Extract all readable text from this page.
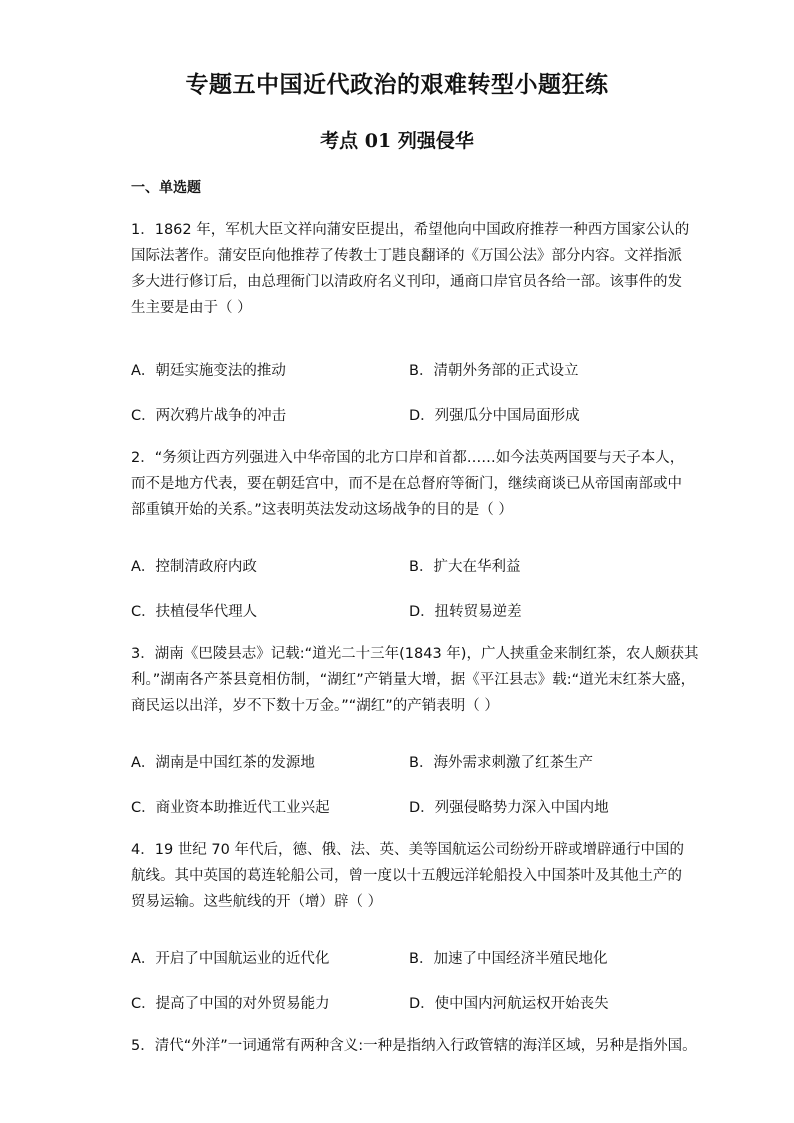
专题五中国近代政治的艰难转型小题狂练
考点 01 列强侵华
一、单选题
1．1862 年，军机大臣文祥向蒲安臣提出，希望他向中国政府推荐一种西方国家公认的
国际法著作。蒲安臣向他推荐了传教士丁韪良翻译的《万国公法》部分内容。文祥指派
多大进行修订后，由总理衙门以清政府名义刊印，通商口岸官员各给一部。该事件的发
生主要是由于（ ）
A．朝廷实施变法的推动	B．清朝外务部的正式设立
C．两次鸦片战争的冲击	D．列强瓜分中国局面形成
2．“务须让西方列强进入中华帝国的北方口岸和首都……如今法英两国要与天子本人，
而不是地方代表，要在朝廷宫中，而不是在总督府等衙门，继续商谈已从帝国南部或中
部重镇开始的关系。”这表明英法发动这场战争的目的是（ ）
A．控制清政府内政	B．扩大在华利益
C．扶植侵华代理人	D．扭转贸易逆差
3．湖南《巴陵县志》记载:“道光二十三年(1843 年)，广人挟重金来制红茶，农人颇获其
利。”湖南各产茶县竟相仿制，“湖红”产销量大增，据《平江县志》载:“道光末红茶大盛，
商民运以出洋，岁不下数十万金。”“湖红”的产销表明（ ）
A．湖南是中国红茶的发源地	B．海外需求刺激了红茶生产
C．商业资本助推近代工业兴起	D．列强侵略势力深入中国内地
4．19 世纪 70 年代后，德、俄、法、英、美等国航运公司纷纷开辟或增辟通行中国的
航线。其中英国的葛连轮船公司，曾一度以十五艘远洋轮船投入中国茶叶及其他土产的
贸易运输。这些航线的开（增）辟（ ）
A．开启了中国航运业的近代化	B．加速了中国经济半殖民地化
C．提高了中国的对外贸易能力	D．使中国内河航运权开始丧失
5．清代“外洋”一词通常有两种含义:一种是指纳入行政管辖的海洋区域，另种是指外国。
